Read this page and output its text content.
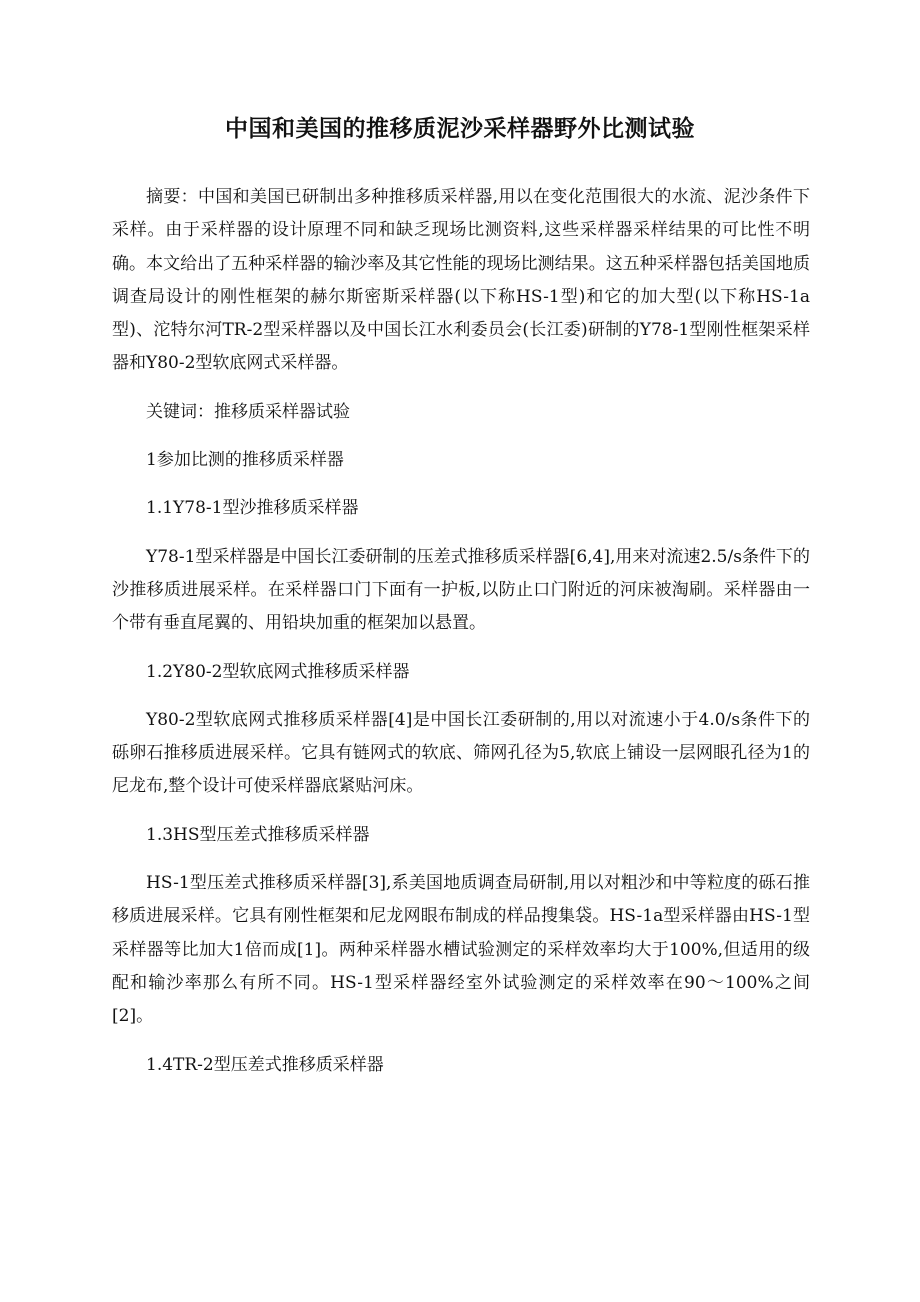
中国和美国的推移质泥沙采样器野外比测试验

摘要：中国和美国已研制出多种推移质采样器,用以在变化范围很大的水流、泥沙条件下采样。由于采样器的设计原理不同和缺乏现场比测资料,这些采样器采样结果的可比性不明确。本文给出了五种采样器的输沙率及其它性能的现场比测结果。这五种采样器包括美国地质调查局设计的刚性框架的赫尔斯密斯采样器(以下称HS-1型)和它的加大型(以下称HS-1a型)、沱特尔河TR-2型采样器以及中国长江水利委员会(长江委)研制的Y78-1型刚性框架采样器和Y80-2型软底网式采样器。

关键词：推移质采样器试验

1参加比测的推移质采样器

1.1Y78-1型沙推移质采样器

Y78-1型采样器是中国长江委研制的压差式推移质采样器[6,4],用来对流速2.5/s条件下的沙推移质进展采样。在采样器口门下面有一护板,以防止口门附近的河床被淘刷。采样器由一个带有垂直尾翼的、用铅块加重的框架加以悬置。

1.2Y80-2型软底网式推移质采样器

Y80-2型软底网式推移质采样器[4]是中国长江委研制的,用以对流速小于4.0/s条件下的砾卵石推移质进展采样。它具有链网式的软底、筛网孔径为5,软底上铺设一层网眼孔径为1的尼龙布,整个设计可使采样器底紧贴河床。

1.3HS型压差式推移质采样器

HS-1型压差式推移质采样器[3],系美国地质调查局研制,用以对粗沙和中等粒度的砾石推移质进展采样。它具有刚性框架和尼龙网眼布制成的样品搜集袋。HS-1a型采样器由HS-1型采样器等比加大1倍而成[1]。两种采样器水槽试验测定的采样效率均大于100%,但适用的级配和输沙率那么有所不同。HS-1型采样器经室外试验测定的采样效率在90～100%之间[2]。

1.4TR-2型压差式推移质采样器
